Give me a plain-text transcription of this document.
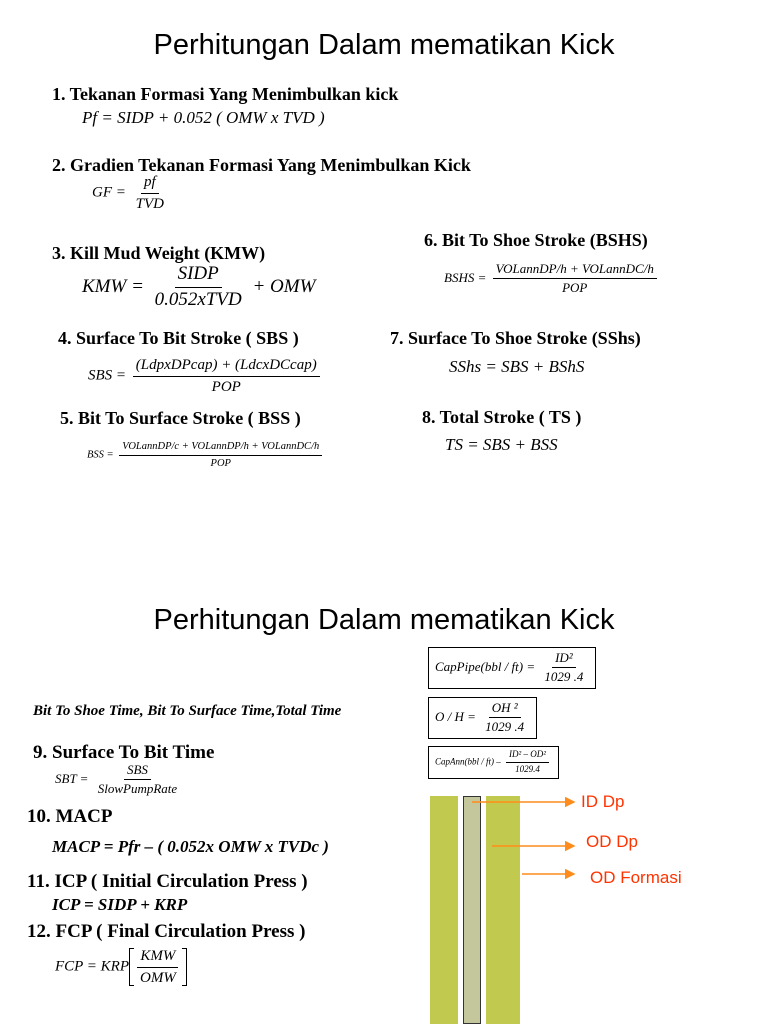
Perhitungan Dalam mematikan Kick
1. Tekanan Formasi Yang Menimbulkan kick
Pf = SIDP + 0.052 ( OMW x TVD )
2. Gradien Tekanan Formasi Yang Menimbulkan Kick
GF = $\frac{pf}{\text{TVD}}$
3. Kill Mud Weight (KMW)
KMW = $\frac{\text{SIDP}}{\text{0.052xTVD}}$ + OMW
4. Surface To Bit Stroke ( SBS )
SBS = $\frac{\text{(LdpxDPcap) + (LdcxDCcap)}}{\text{POP}}$
5. Bit To Surface Stroke ( BSS )
BSS = $\frac{\text{VOLannDP/c + VOLannDP/h + VOLannDC/h}}{\text{POP}}$
6. Bit To Shoe Stroke (BSHS)
BSHS = $\frac{\text{VOLannDP/h + VOLannDC/h}}{\text{POP}}$
7. Surface To Shoe Stroke (SShs)
SShs = SBS + BShS
8. Total Stroke ( TS )
TS = SBS + BSS
Perhitungan Dalam mematikan Kick
CapPipe(bbl / $ft) = \frac{\text{ID²}}{1029 .4}$
$O / H = \frac{\text{OH ²}}{1029 .4}$
CapAnn(bbl / $ft) - \frac{\text{ID² – OD²}}{1029.4}$
Bit To Shoe Time, Bit To Surface Time,Total Time
9. Surface To Bit Time
SBT = $\frac{\text{SBS}}{\text{SlowPumpRate}}$
10. MACP
MACP = Pfr – ( 0.052x OMW x TVDc )
11. ICP ( Initial Circulation Press )
ICP = SIDP + KRP
12. FCP ( Final Circulation Press )
FCP = KRP $\frac{\text{KMW}}{\text{OMW}}$
ID Dp
OD Dp
OD Formasi
